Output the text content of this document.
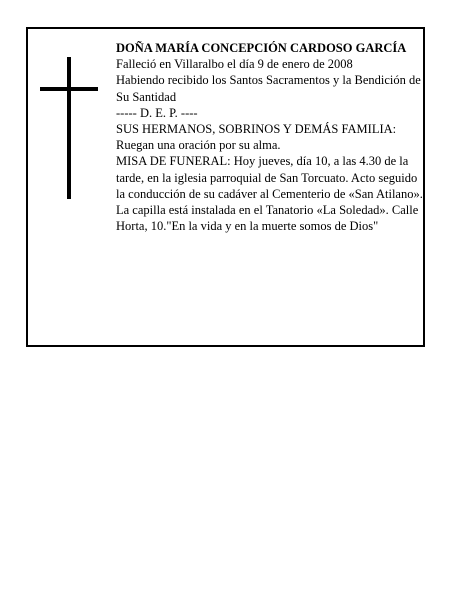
DOÑA MARÍA CONCEPCIÓN CARDOSO GARCÍA

Falleció en Villaralbo el día 9 de enero de 2008

Habiendo recibido los Santos Sacramentos y la Bendición de Su Santidad

----- D. E. P. ----

SUS HERMANOS, SOBRINOS Y DEMÁS FAMILIA:

Ruegan una oración por su alma.

MISA DE FUNERAL: Hoy jueves, día 10, a las 4.30 de la tarde, en la iglesia parroquial de San Torcuato. Acto seguido la conducción de su cadáver al Cementerio de «San Atilano».

La capilla está instalada en el Tanatorio «La Soledad». Calle Horta, 10."En la vida y en la muerte somos de Dios"
